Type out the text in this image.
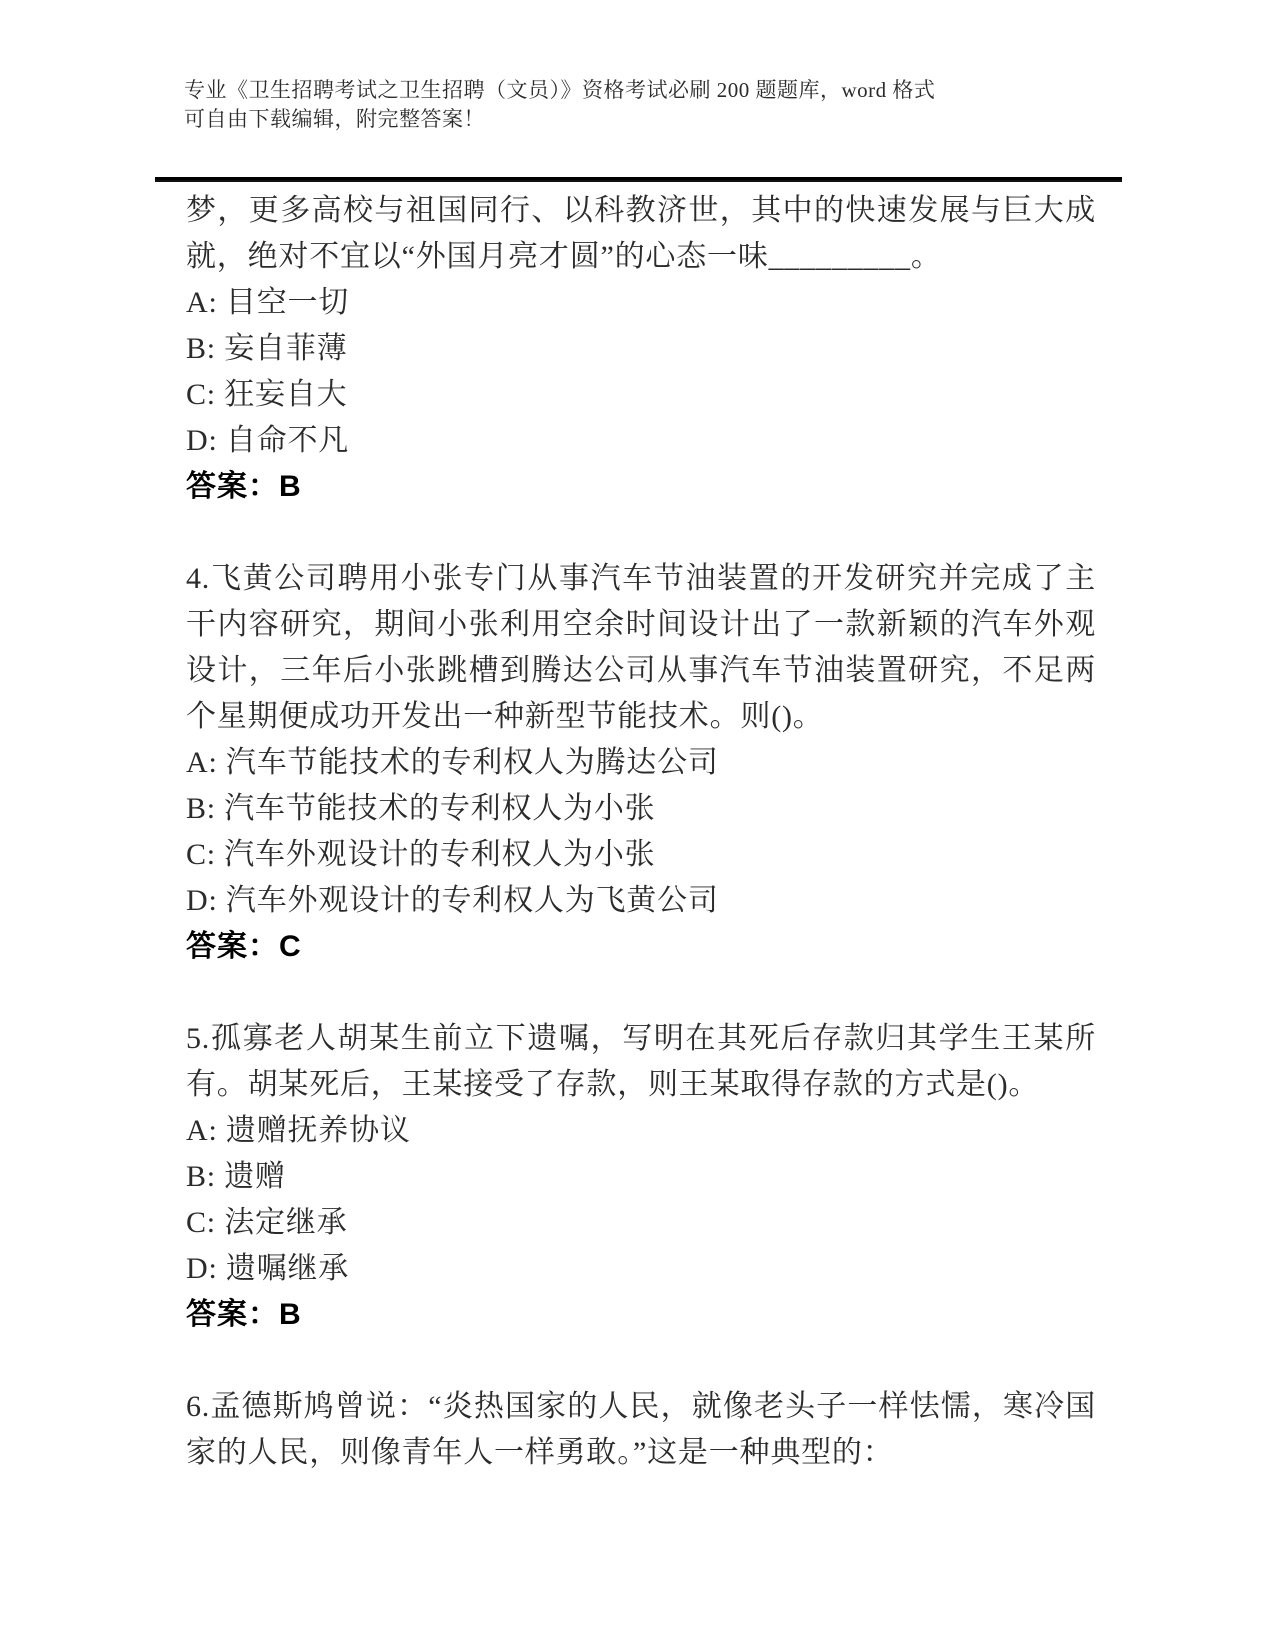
专业《卫生招聘考试之卫生招聘（文员）》资格考试必刷 200 题题库，word 格式
可自由下载编辑，附完整答案！

梦，更多高校与祖国同行、以科教济世，其中的快速发展与巨大成就，绝对不宜以“外国月亮才圆”的心态一味_________。

A: 目空一切
B: 妄自菲薄
C: 狂妄自大
D: 自命不凡
答案：B

4.飞黄公司聘用小张专门从事汽车节油装置的开发研究并完成了主干内容研究，期间小张利用空余时间设计出了一款新颖的汽车外观设计，三年后小张跳槽到腾达公司从事汽车节油装置研究，不足两个星期便成功开发出一种新型节能技术。则()。

A: 汽车节能技术的专利权人为腾达公司
B: 汽车节能技术的专利权人为小张
C: 汽车外观设计的专利权人为小张
D: 汽车外观设计的专利权人为飞黄公司
答案：C

5.孤寡老人胡某生前立下遗嘱，写明在其死后存款归其学生王某所有。胡某死后，王某接受了存款，则王某取得存款的方式是()。

A: 遗赠抚养协议
B: 遗赠
C: 法定继承
D: 遗嘱继承
答案：B

6.孟德斯鸠曾说：“炎热国家的人民，就像老头子一样怯懦，寒冷国家的人民，则像青年人一样勇敢。”这是一种典型的：
